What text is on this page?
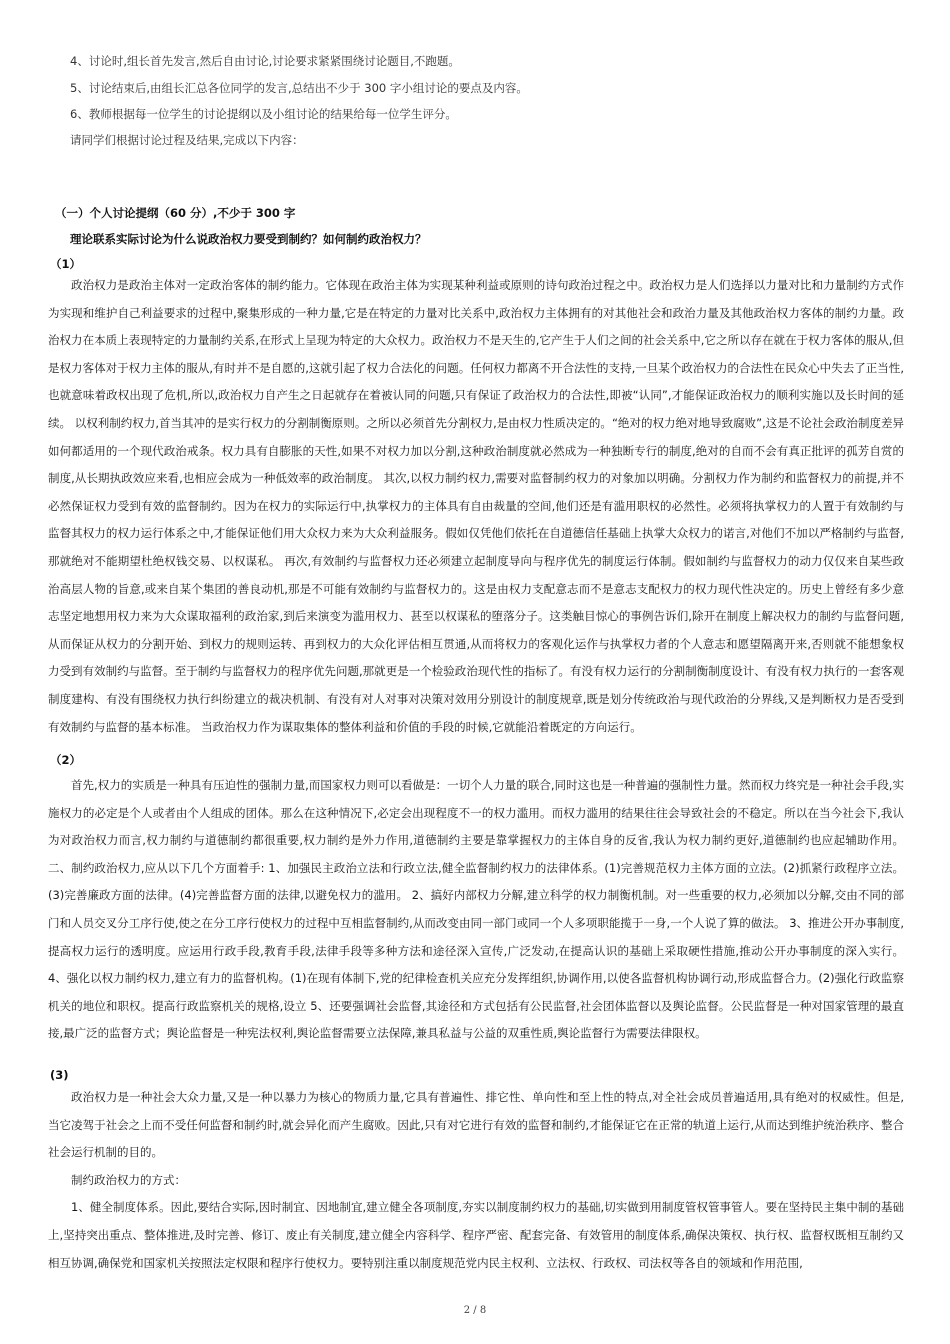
4、讨论时,组长首先发言,然后自由讨论,讨论要求紧紧围绕讨论题目,不跑题。
5、讨论结束后,由组长汇总各位同学的发言,总结出不少于 300 字小组讨论的要点及内容。
6、教师根据每一位学生的讨论提纲以及小组讨论的结果给每一位学生评分。
请同学们根据讨论过程及结果,完成以下内容：
（一）个人讨论提纲（60 分）,不少于 300 字
理论联系实际讨论为什么说政治权力要受到制约？如何制约政治权力？
（1）

政治权力是政治主体对一定政治客体的制约能力。它体现在政治主体为实现某种利益或原则的诗句政治过程之中。政治权力是人们选择以力量对比和力量制约方式作为实现和维护自己利益要求的过程中,聚集形成的一种力量,它是在特定的力量对比关系中,政治权力主体拥有的对其他社会和政治力量及其他政治权力客体的制约力量。政治权力在本质上表现特定的力量制约关系,在形式上呈现为特定的大众权力。政治权力不是天生的,它产生于人们之间的社会关系中,它之所以存在就在于权力客体的服从,但是权力客体对于权力主体的服从,有时并不是自愿的,这就引起了权力合法化的问题。任何权力都离不开合法性的支持,一旦某个政治权力的合法性在民众心中失去了正当性,也就意味着政权出现了危机,所以,政治权力自产生之日起就存在着被认同的问题,只有保证了政治权力的合法性,即被“认同”,才能保证政治权力的顺利实施以及长时间的延续。 以权利制约权力,首当其冲的是实行权力的分割制衡原则。之所以必须首先分割权力,是由权力性质决定的。“绝对的权力绝对地导致腐败”,这是不论社会政治制度差异如何都适用的一个现代政治戒条。权力具有自膨胀的天性,如果不对权力加以分割,这种政治制度就必然成为一种独断专行的制度,绝对的自而不会有真正批评的孤芳自赏的制度,从长期执政效应来看,也相应会成为一种低效率的政治制度。 其次,以权力制约权力,需要对监督制约权力的对象加以明确。分割权力作为制约和监督权力的前提,并不必然保证权力受到有效的监督制约。因为在权力的实际运行中,执掌权力的主体具有自由裁量的空间,他们还是有滥用职权的必然性。必须将执掌权力的人置于有效制约与监督其权力的权力运行体系之中,才能保证他们用大众权力来为大众利益服务。假如仅凭他们依托在自道德信任基础上执掌大众权力的诺言,对他们不加以严格制约与监督,那就绝对不能期望杜绝权钱交易、以权谋私。 再次,有效制约与监督权力还必须建立起制度导向与程序优先的制度运行体制。假如制约与监督权力的动力仅仅来自某些政治高层人物的旨意,或来自某个集团的善良动机,那是不可能有效制约与监督权力的。这是由权力支配意志而不是意志支配权力的权力现代性决定的。历史上曾经有多少意志坚定地想用权力来为大众谋取福利的政治家,到后来演变为滥用权力、甚至以权谋私的堕落分子。这类触目惊心的事例告诉们,除开在制度上解决权力的制约与监督问题,从而保证从权力的分割开始、到权力的规则运转、再到权力的大众化评估相互贯通,从而将权力的客观化运作与执掌权力者的个人意志和愿望隔离开来,否则就不能想象权力受到有效制约与监督。至于制约与监督权力的程序优先问题,那就更是一个检验政治现代性的指标了。有没有权力运行的分割制衡制度设计、有没有权力执行的一套客观制度建构、有没有围绕权力执行纠纷建立的裁决机制、有没有对人对事对决策对效用分别设计的制度规章,既是划分传统政治与现代政治的分界线,又是判断权力是否受到有效制约与监督的基本标准。 当政治权力作为谋取集体的整体利益和价值的手段的时候,它就能沿着既定的方向运行。

（2）

首先,权力的实质是一种具有压迫性的强制力量,而国家权力则可以看做是：一切个人力量的联合,同时这也是一种普遍的强制性力量。然而权力终究是一种社会手段,实施权力的必定是个人或者由个人组成的团体。那么在这种情况下,必定会出现程度不一的权力滥用。而权力滥用的结果往往会导致社会的不稳定。所以在当今社会下,我认为对政治权力而言,权力制约与道德制约都很重要,权力制约是外力作用,道德制约主要是靠掌握权力的主体自身的反省,我认为权力制约更好,道德制约也应起辅助作用。二、制约政治权力,应从以下几个方面着手: 1、加强民主政治立法和行政立法,健全监督制约权力的法律体系。(1)完善规范权力主体方面的立法。(2)抓紧行政程序立法。(3)完善廉政方面的法律。(4)完善监督方面的法律,以避免权力的滥用。 2、搞好内部权力分解,建立科学的权力制衡机制。对一些重要的权力,必须加以分解,交由不同的部门和人员交叉分工序行使,使之在分工序行使权力的过程中互相监督制约,从而改变由同一部门或同一个人多项职能揽于一身,一个人说了算的做法。 3、推进公开办事制度,提高权力运行的透明度。应运用行政手段,教育手段,法律手段等多种方法和途径深入宣传,广泛发动,在提高认识的基础上采取硬性措施,推动公开办事制度的深入实行。 4、强化以权力制约权力,建立有力的监督机构。(1)在现有体制下,党的纪律检查机关应充分发挥组织,协调作用,以使各监督机构协调行动,形成监督合力。(2)强化行政监察机关的地位和职权。提高行政监察机关的规格,设立 5、还要强调社会监督,其途径和方式包括有公民监督,社会团体监督以及舆论监督。公民监督是一种对国家管理的最直接,最广泛的监督方式；舆论监督是一种宪法权利,舆论监督需要立法保障,兼具私益与公益的双重性质,舆论监督行为需要法律限权。

(3)

政治权力是一种社会大众力量,又是一种以暴力为核心的物质力量,它具有普遍性、排它性、单向性和至上性的特点,对全社会成员普遍适用,具有绝对的权威性。但是,当它凌驾于社会之上而不受任何监督和制约时,就会异化而产生腐败。因此,只有对它进行有效的监督和制约,才能保证它在正常的轨道上运行,从而达到维护统治秩序、整合社会运行机制的目的。

制约政治权力的方式：

1、健全制度体系。因此,要结合实际,因时制宜、因地制宜,建立健全各项制度,夯实以制度制约权力的基础,切实做到用制度管权管事管人。要在坚持民主集中制的基础上,坚持突出重点、整体推进,及时完善、修订、废止有关制度,建立健全内容科学、程序严密、配套完备、有效管用的制度体系,确保决策权、执行权、监督权既相互制约又相互协调,确保党和国家机关按照法定权限和程序行使权力。要特别注重以制度规范党内民主权利、立法权、行政权、司法权等各自的领域和作用范围,

2 / 8
